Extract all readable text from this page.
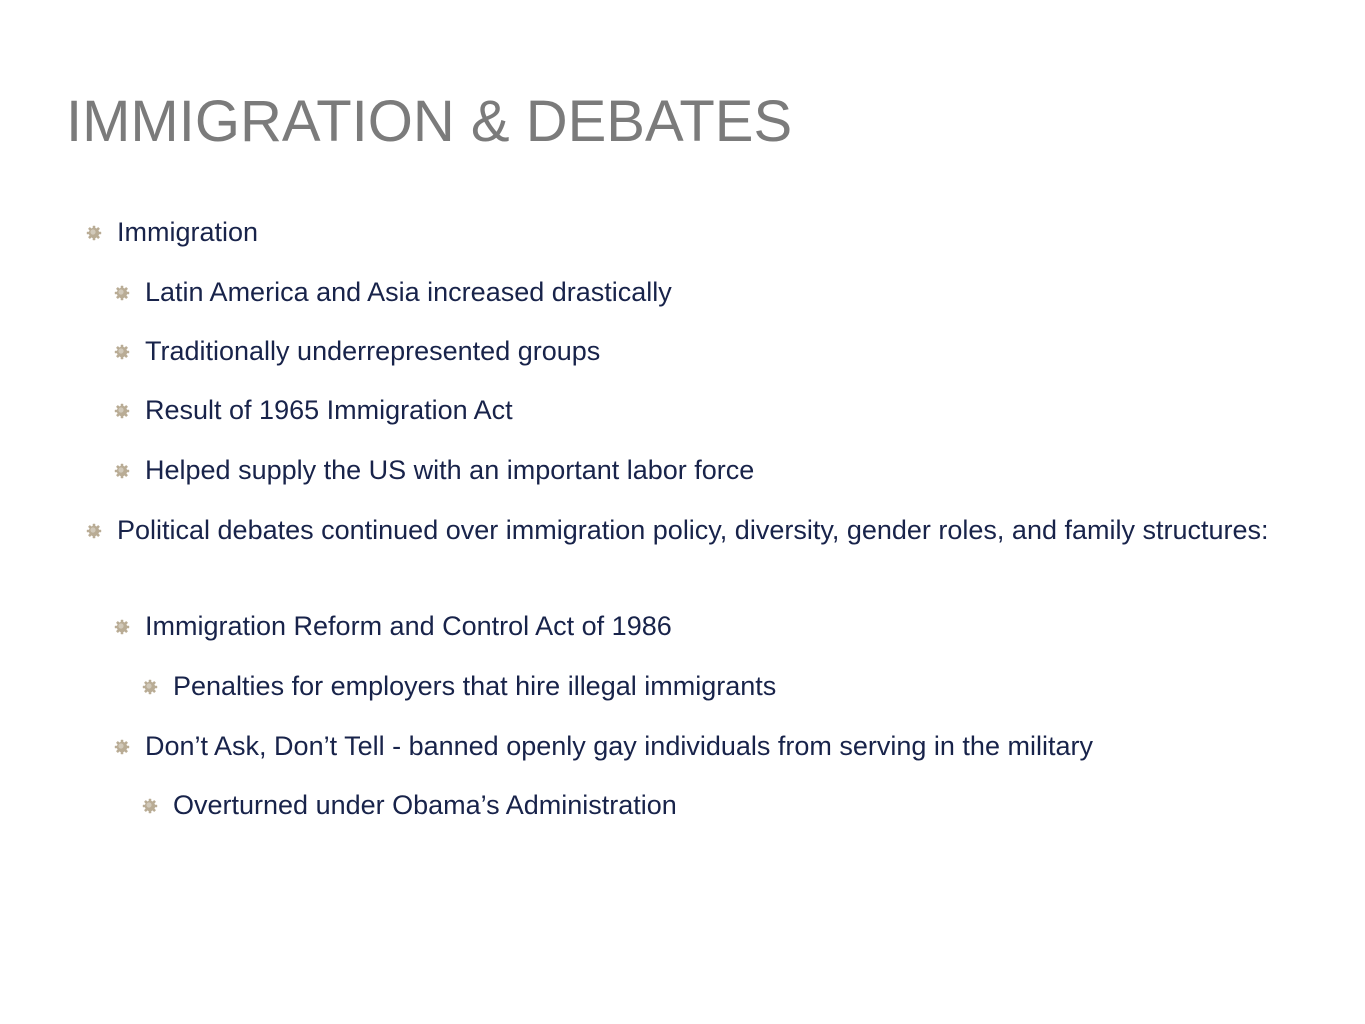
IMMIGRATION & DEBATES
Immigration
Latin America and Asia increased drastically
Traditionally underrepresented groups
Result of 1965 Immigration Act
Helped supply the US with an important labor force
Political debates continued over immigration policy, diversity, gender roles, and family structures:
Immigration Reform and Control Act of 1986
Penalties for employers that hire illegal immigrants
Don’t Ask, Don’t Tell - banned openly gay individuals from serving in the military
Overturned under Obama’s Administration
